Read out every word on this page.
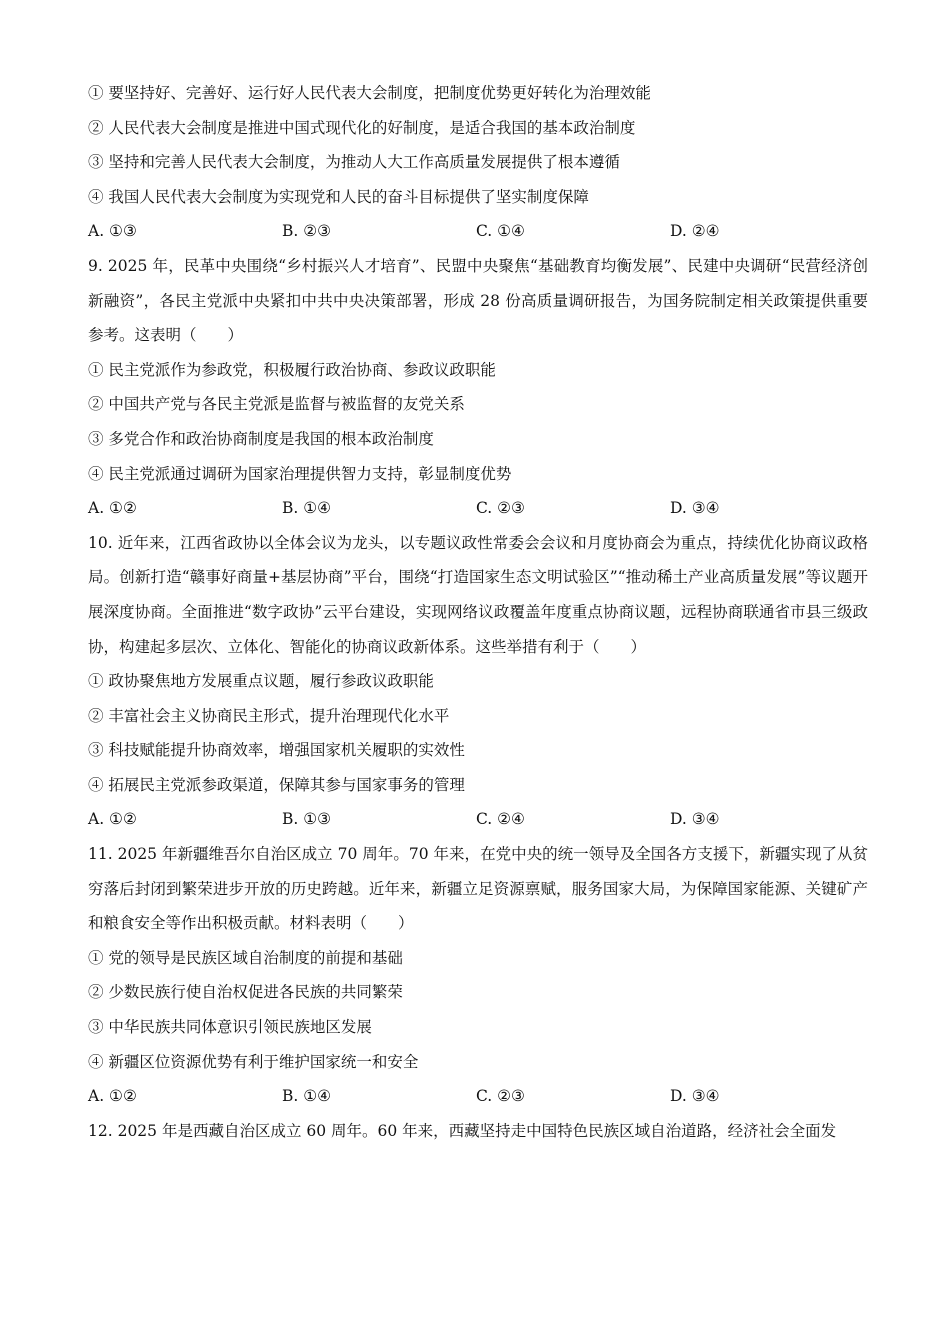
① 要坚持好、完善好、运行好人民代表大会制度，把制度优势更好转化为治理效能
② 人民代表大会制度是推进中国式现代化的好制度，是适合我国的基本政治制度
③ 坚持和完善人民代表大会制度，为推动人大工作高质量发展提供了根本遵循
④ 我国人民代表大会制度为实现党和人民的奋斗目标提供了坚实制度保障
A. ①③	B. ②③	C. ①④	D. ②④
9. 2025 年，民革中央围绕“乡村振兴人才培育”、民盟中央聚焦“基础教育均衡发展”、民建中央调研“民营经济创新融资”，各民主党派中央紧扣中共中央决策部署，形成 28 份高质量调研报告，为国务院制定相关政策提供重要参考。这表明（　　）
① 民主党派作为参政党，积极履行政治协商、参政议政职能
② 中国共产党与各民主党派是监督与被监督的友党关系
③ 多党合作和政治协商制度是我国的根本政治制度
④ 民主党派通过调研为国家治理提供智力支持，彰显制度优势
A. ①②	B. ①④	C. ②③	D. ③④
10. 近年来，江西省政协以全体会议为龙头，以专题议政性常委会会议和月度协商会为重点，持续优化协商议政格局。创新打造“赣事好商量+基层协商”平台，围绕“打造国家生态文明试验区”“推动稀土产业高质量发展”等议题开展深度协商。全面推进“数字政协”云平台建设，实现网络议政覆盖年度重点协商议题，远程协商联通省市县三级政协，构建起多层次、立体化、智能化的协商议政新体系。这些举措有利于（　　）
① 政协聚焦地方发展重点议题，履行参政议政职能
② 丰富社会主义协商民主形式，提升治理现代化水平
③ 科技赋能提升协商效率，增强国家机关履职的实效性
④ 拓展民主党派参政渠道，保障其参与国家事务的管理
A. ①②	B. ①③	C. ②④	D. ③④
11. 2025 年新疆维吾尔自治区成立 70 周年。70 年来，在党中央的统一领导及全国各方支援下，新疆实现了从贫穷落后封闭到繁荣进步开放的历史跨越。近年来，新疆立足资源禀赋，服务国家大局，为保障国家能源、关键矿产和粮食安全等作出积极贡献。材料表明（　　）
① 党的领导是民族区域自治制度的前提和基础
② 少数民族行使自治权促进各民族的共同繁荣
③ 中华民族共同体意识引领民族地区发展
④ 新疆区位资源优势有利于维护国家统一和安全
A. ①②	B. ①④	C. ②③	D. ③④
12. 2025 年是西藏自治区成立 60 周年。60 年来，西藏坚持走中国特色民族区域自治道路，经济社会全面发
